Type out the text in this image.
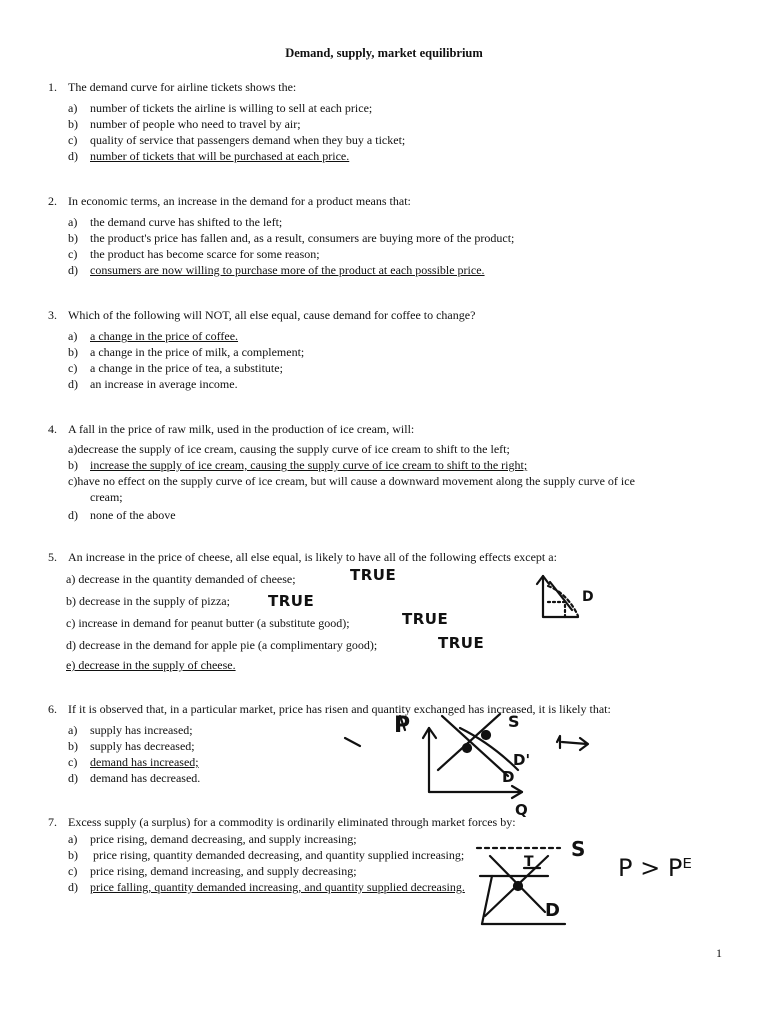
Demand, supply, market equilibrium
1. The demand curve for airline tickets shows the:
a) number of tickets the airline is willing to sell at each price;
b) number of people who need to travel by air;
c) quality of service that passengers demand when they buy a ticket;
d) number of tickets that will be purchased at each price.
2. In economic terms, an increase in the demand for a product means that:
a) the demand curve has shifted to the left;
b) the product's price has fallen and, as a result, consumers are buying more of the product;
c) the product has become scarce for some reason;
d) consumers are now willing to purchase more of the product at each possible price.
3. Which of the following will NOT, all else equal, cause demand for coffee to change?
a) a change in the price of coffee.
b) a change in the price of milk, a complement;
c) a change in the price of tea, a substitute;
d) an increase in average income.
4. A fall in the price of raw milk, used in the production of ice cream, will:
a)decrease the supply of ice cream, causing the supply curve of ice cream to shift to the left;
b) increase the supply of ice cream, causing the supply curve of ice cream to shift to the right;
c)have no effect on the supply curve of ice cream, but will cause a downward movement along the supply curve of ice
cream;
d) none of the above
5. An increase in the price of cheese, all else equal, is likely to have all of the following effects except a:
a) decrease in the quantity demanded of cheese;
b) decrease in the supply of pizza;
c) increase in demand for peanut butter (a substitute good);
d) decrease in the demand for apple pie (a complimentary good);
e) decrease in the supply of cheese.
TRUE
TRUE
TRUE
TRUE
6. If it is observed that, in a particular market, price has risen and quantity exchanged has increased, it is likely that:
a) supply has increased;
b) supply has decreased;
c) demand has increased;
d) demand has decreased.
7. Excess supply (a surplus) for a commodity is ordinarily eliminated through market forces by:
a) price rising, demand decreasing, and supply increasing;
b) price rising, quantity demanded decreasing, and quantity supplied increasing;
c) price rising, demand increasing, and supply decreasing;
d) price falling, quantity demanded increasing, and quantity supplied decreasing.
1
D
P	S
D'
D
Q
S
T
D
P > Pᴱ
